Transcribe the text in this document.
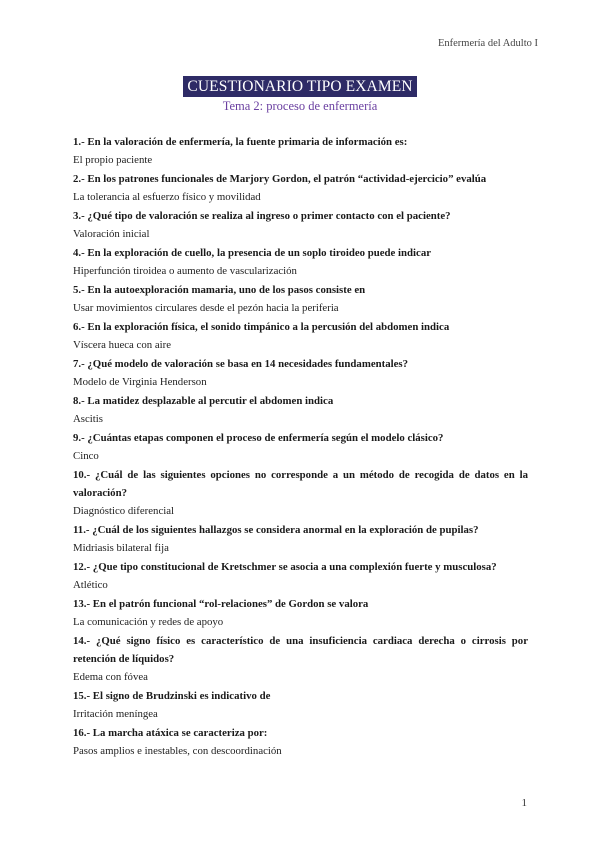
Enfermería del Adulto I
CUESTIONARIO TIPO EXAMEN
Tema 2: proceso de enfermería

1.- En la valoración de enfermería, la fuente primaria de información es:

El propio paciente

2.- En los patrones funcionales de Marjory Gordon, el patrón “actividad-ejercicio” evalúa

La tolerancia al esfuerzo físico y movilidad

3.- ¿Qué tipo de valoración se realiza al ingreso o primer contacto con el paciente?

Valoración inicial

4.- En la exploración de cuello, la presencia de un soplo tiroideo puede indicar

Hiperfunción tiroidea o aumento de vascularización

5.- En la autoexploración mamaria, uno de los pasos consiste en

Usar movimientos circulares desde el pezón hacia la periferia

6.- En la exploración física, el sonido timpánico a la percusión del abdomen indica

Víscera hueca con aire

7.- ¿Qué modelo de valoración se basa en 14 necesidades fundamentales?

Modelo de Virginia Henderson

8.- La matidez desplazable al percutir el abdomen indica

Ascitis

9.- ¿Cuántas etapas componen el proceso de enfermería según el modelo clásico?

Cinco

10.- ¿Cuál de las siguientes opciones no corresponde a un método de recogida de datos en la valoración?

Diagnóstico diferencial

11.- ¿Cuál de los siguientes hallazgos se considera anormal en la exploración de pupilas?

Midriasis bilateral fija

12.- ¿Que tipo constitucional de Kretschmer se asocia a una complexión fuerte y musculosa?

Atlético

13.- En el patrón funcional “rol-relaciones” de Gordon se valora

La comunicación y redes de apoyo

14.- ¿Qué signo físico es característico de una insuficiencia cardiaca derecha o cirrosis por retención de líquidos?

Edema con fóvea

15.- El signo de Brudzinski es indicativo de

Irritación meníngea

16.- La marcha atáxica se caracteriza por:

Pasos amplios e inestables, con descoordinación

1
